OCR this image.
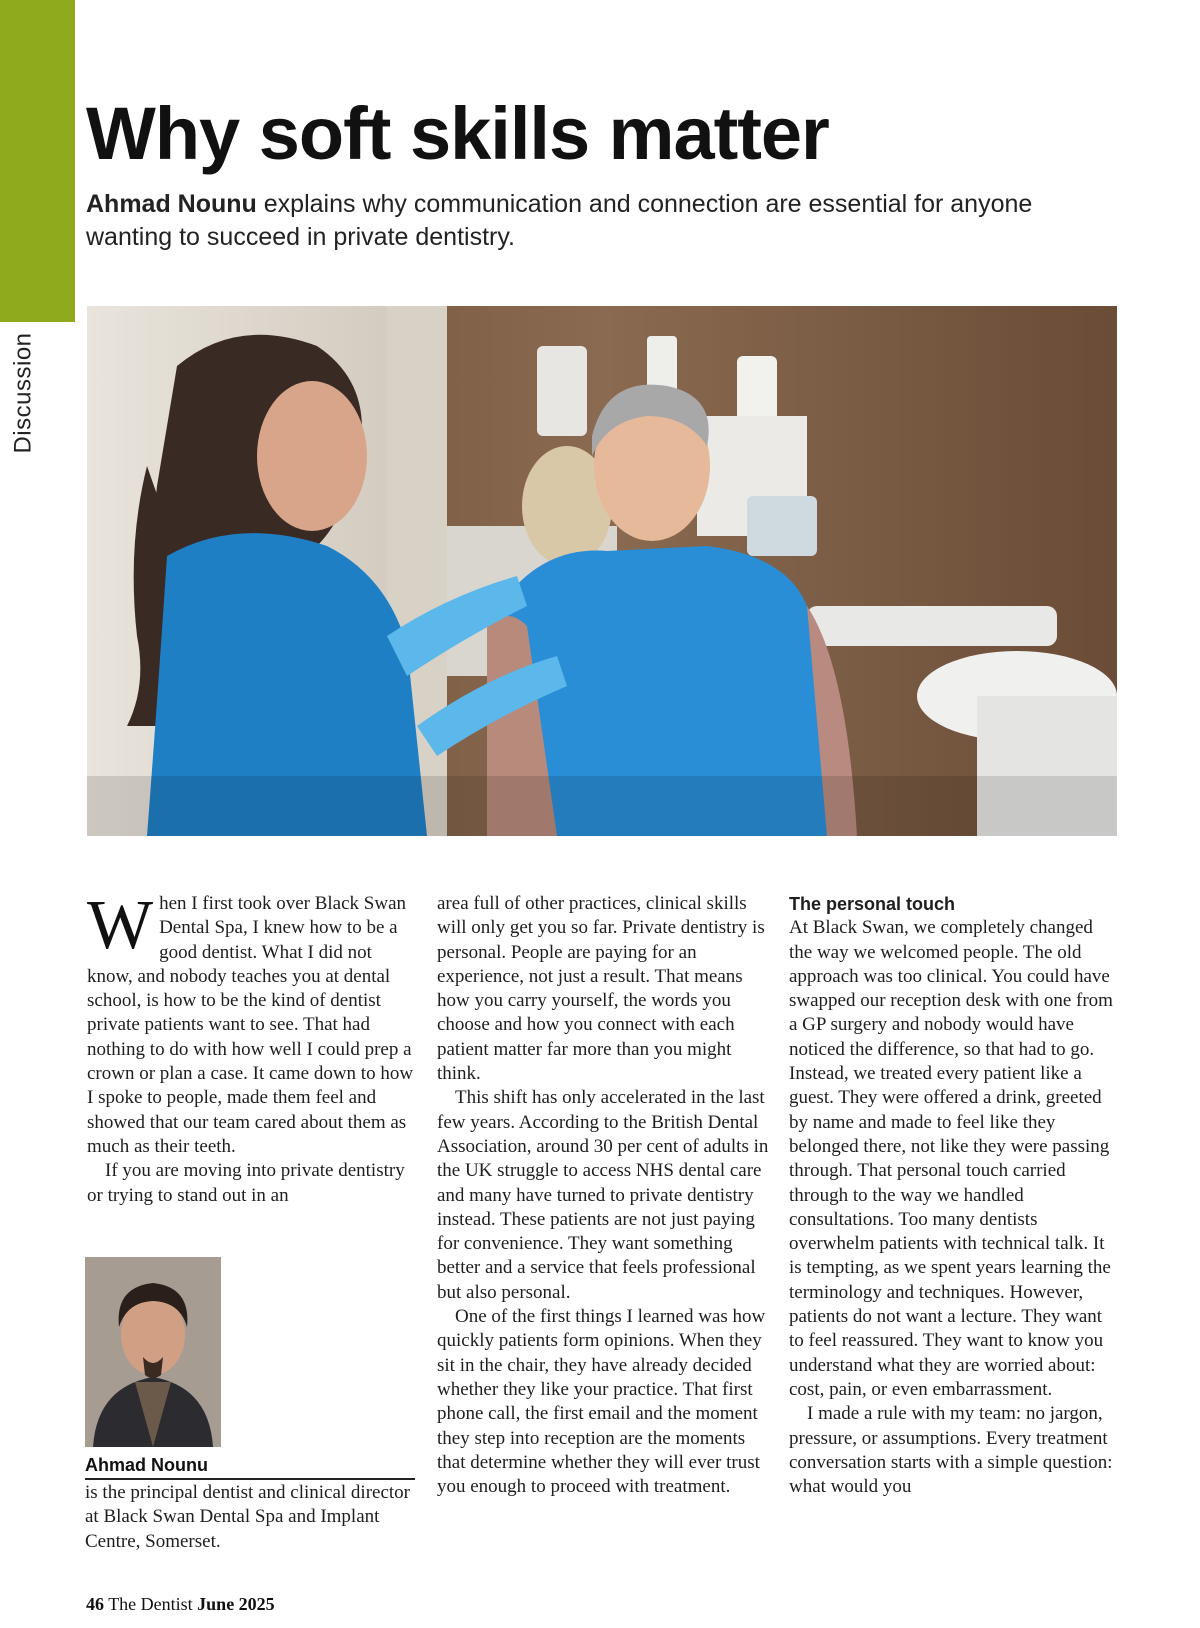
Discussion
Why soft skills matter

Ahmad Nounu explains why communication and connection are essential for anyone wanting to succeed in private dentistry.

When I first took over Black Swan Dental Spa, I knew how to be a good dentist. What I did not know, and nobody teaches you at dental school, is how to be the kind of dentist private patients want to see. That had nothing to do with how well I could prep a crown or plan a case. It came down to how I spoke to people, made them feel and showed that our team cared about them as much as their teeth.

If you are moving into private dentistry or trying to stand out in an

Ahmad Nounu
is the principal dentist and clinical director at Black Swan Dental Spa and Implant Centre, Somerset.

area full of other practices, clinical skills will only get you so far. Private dentistry is personal. People are paying for an experience, not just a result. That means how you carry yourself, the words you choose and how you connect with each patient matter far more than you might think.

This shift has only accelerated in the last few years. According to the British Dental Association, around 30 per cent of adults in the UK struggle to access NHS dental care and many have turned to private dentistry instead. These patients are not just paying for convenience. They want something better and a service that feels professional but also personal.

One of the first things I learned was how quickly patients form opinions. When they sit in the chair, they have already decided whether they like your practice. That first phone call, the first email and the moment they step into reception are the moments that determine whether they will ever trust you enough to proceed with treatment.

The personal touch

At Black Swan, we completely changed the way we welcomed people. The old approach was too clinical. You could have swapped our reception desk with one from a GP surgery and nobody would have noticed the difference, so that had to go. Instead, we treated every patient like a guest. They were offered a drink, greeted by name and made to feel like they belonged there, not like they were passing through. That personal touch carried through to the way we handled consultations. Too many dentists overwhelm patients with technical talk. It is tempting, as we spent years learning the terminology and techniques. However, patients do not want a lecture. They want to feel reassured. They want to know you understand what they are worried about: cost, pain, or even embarrassment.

I made a rule with my team: no jargon, pressure, or assumptions. Every treatment conversation starts with a simple question: what would you

46 The Dentist June 2025
